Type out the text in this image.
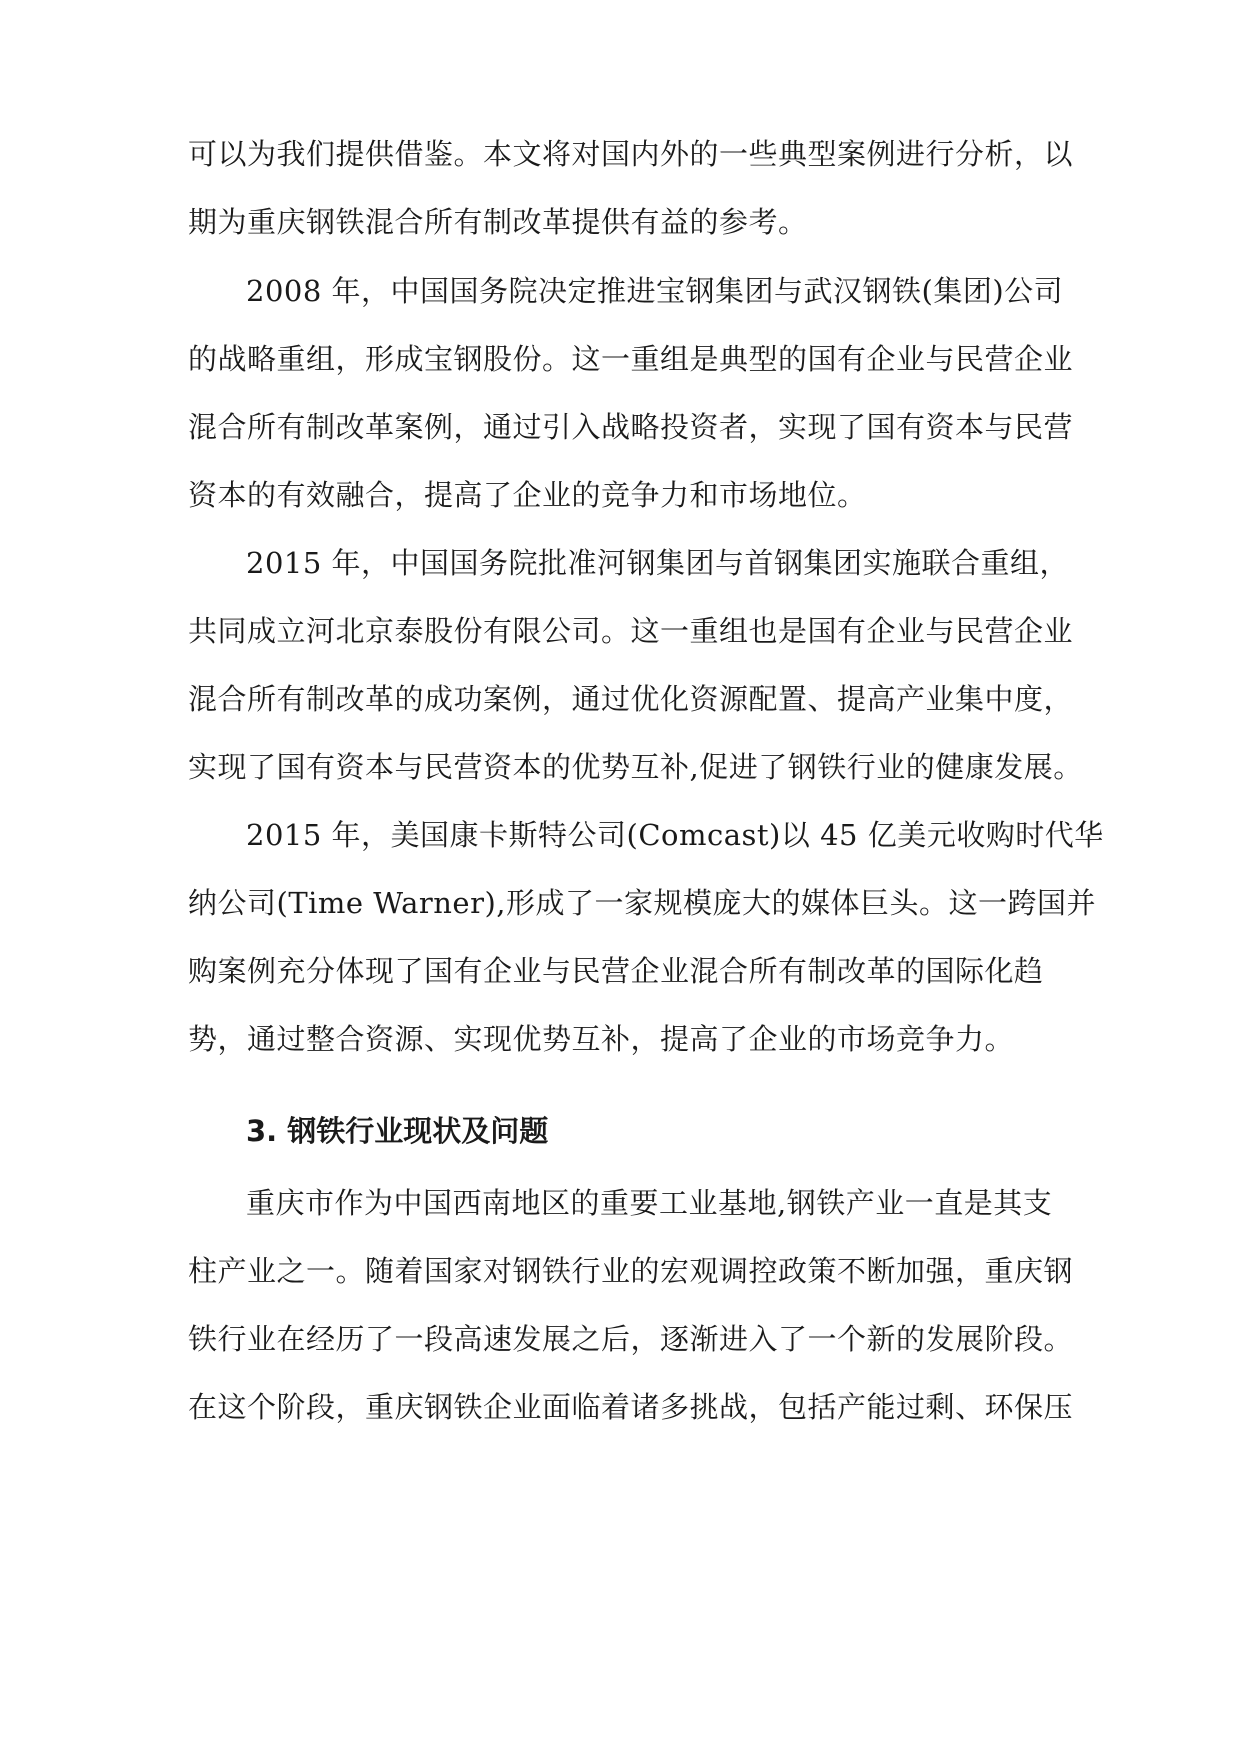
可以为我们提供借鉴。本文将对国内外的一些典型案例进行分析，以
期为重庆钢铁混合所有制改革提供有益的参考。
2008 年，中国国务院决定推进宝钢集团与武汉钢铁(集团)公司
的战略重组，形成宝钢股份。这一重组是典型的国有企业与民营企业
混合所有制改革案例，通过引入战略投资者，实现了国有资本与民营
资本的有效融合，提高了企业的竞争力和市场地位。
2015 年，中国国务院批准河钢集团与首钢集团实施联合重组，
共同成立河北京泰股份有限公司。这一重组也是国有企业与民营企业
混合所有制改革的成功案例，通过优化资源配置、提高产业集中度，
实现了国有资本与民营资本的优势互补,促进了钢铁行业的健康发展。
2015 年，美国康卡斯特公司(Comcast)以 45 亿美元收购时代华
纳公司(Time Warner),形成了一家规模庞大的媒体巨头。这一跨国并
购案例充分体现了国有企业与民营企业混合所有制改革的国际化趋
势，通过整合资源、实现优势互补，提高了企业的市场竞争力。
3. 钢铁行业现状及问题
重庆市作为中国西南地区的重要工业基地,钢铁产业一直是其支
柱产业之一。随着国家对钢铁行业的宏观调控政策不断加强，重庆钢
铁行业在经历了一段高速发展之后，逐渐进入了一个新的发展阶段。
在这个阶段，重庆钢铁企业面临着诸多挑战，包括产能过剩、环保压
